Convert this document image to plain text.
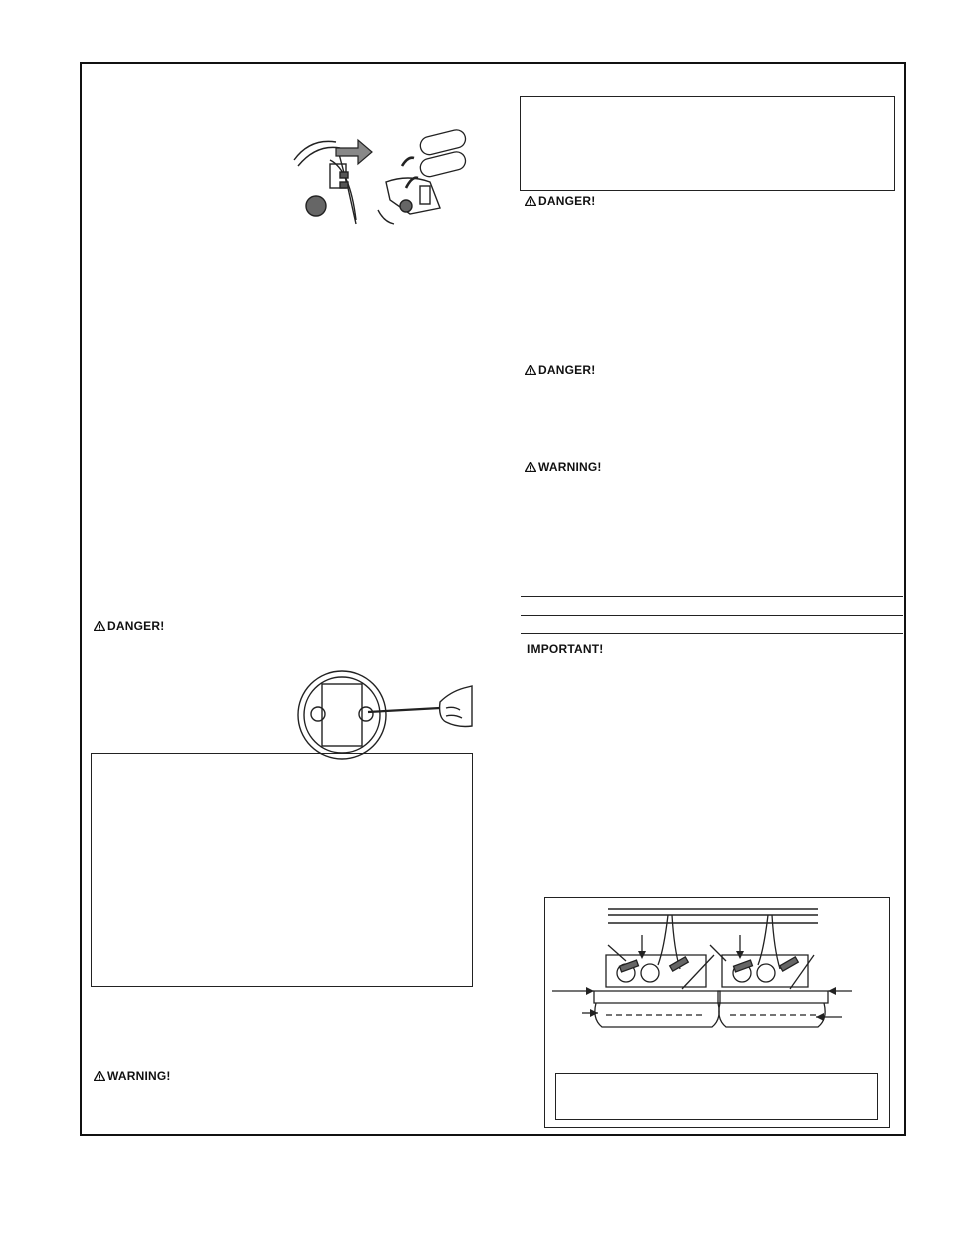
DANGER!
WARNING!
DANGER!
DANGER!
WARNING!
IMPORTANT!
